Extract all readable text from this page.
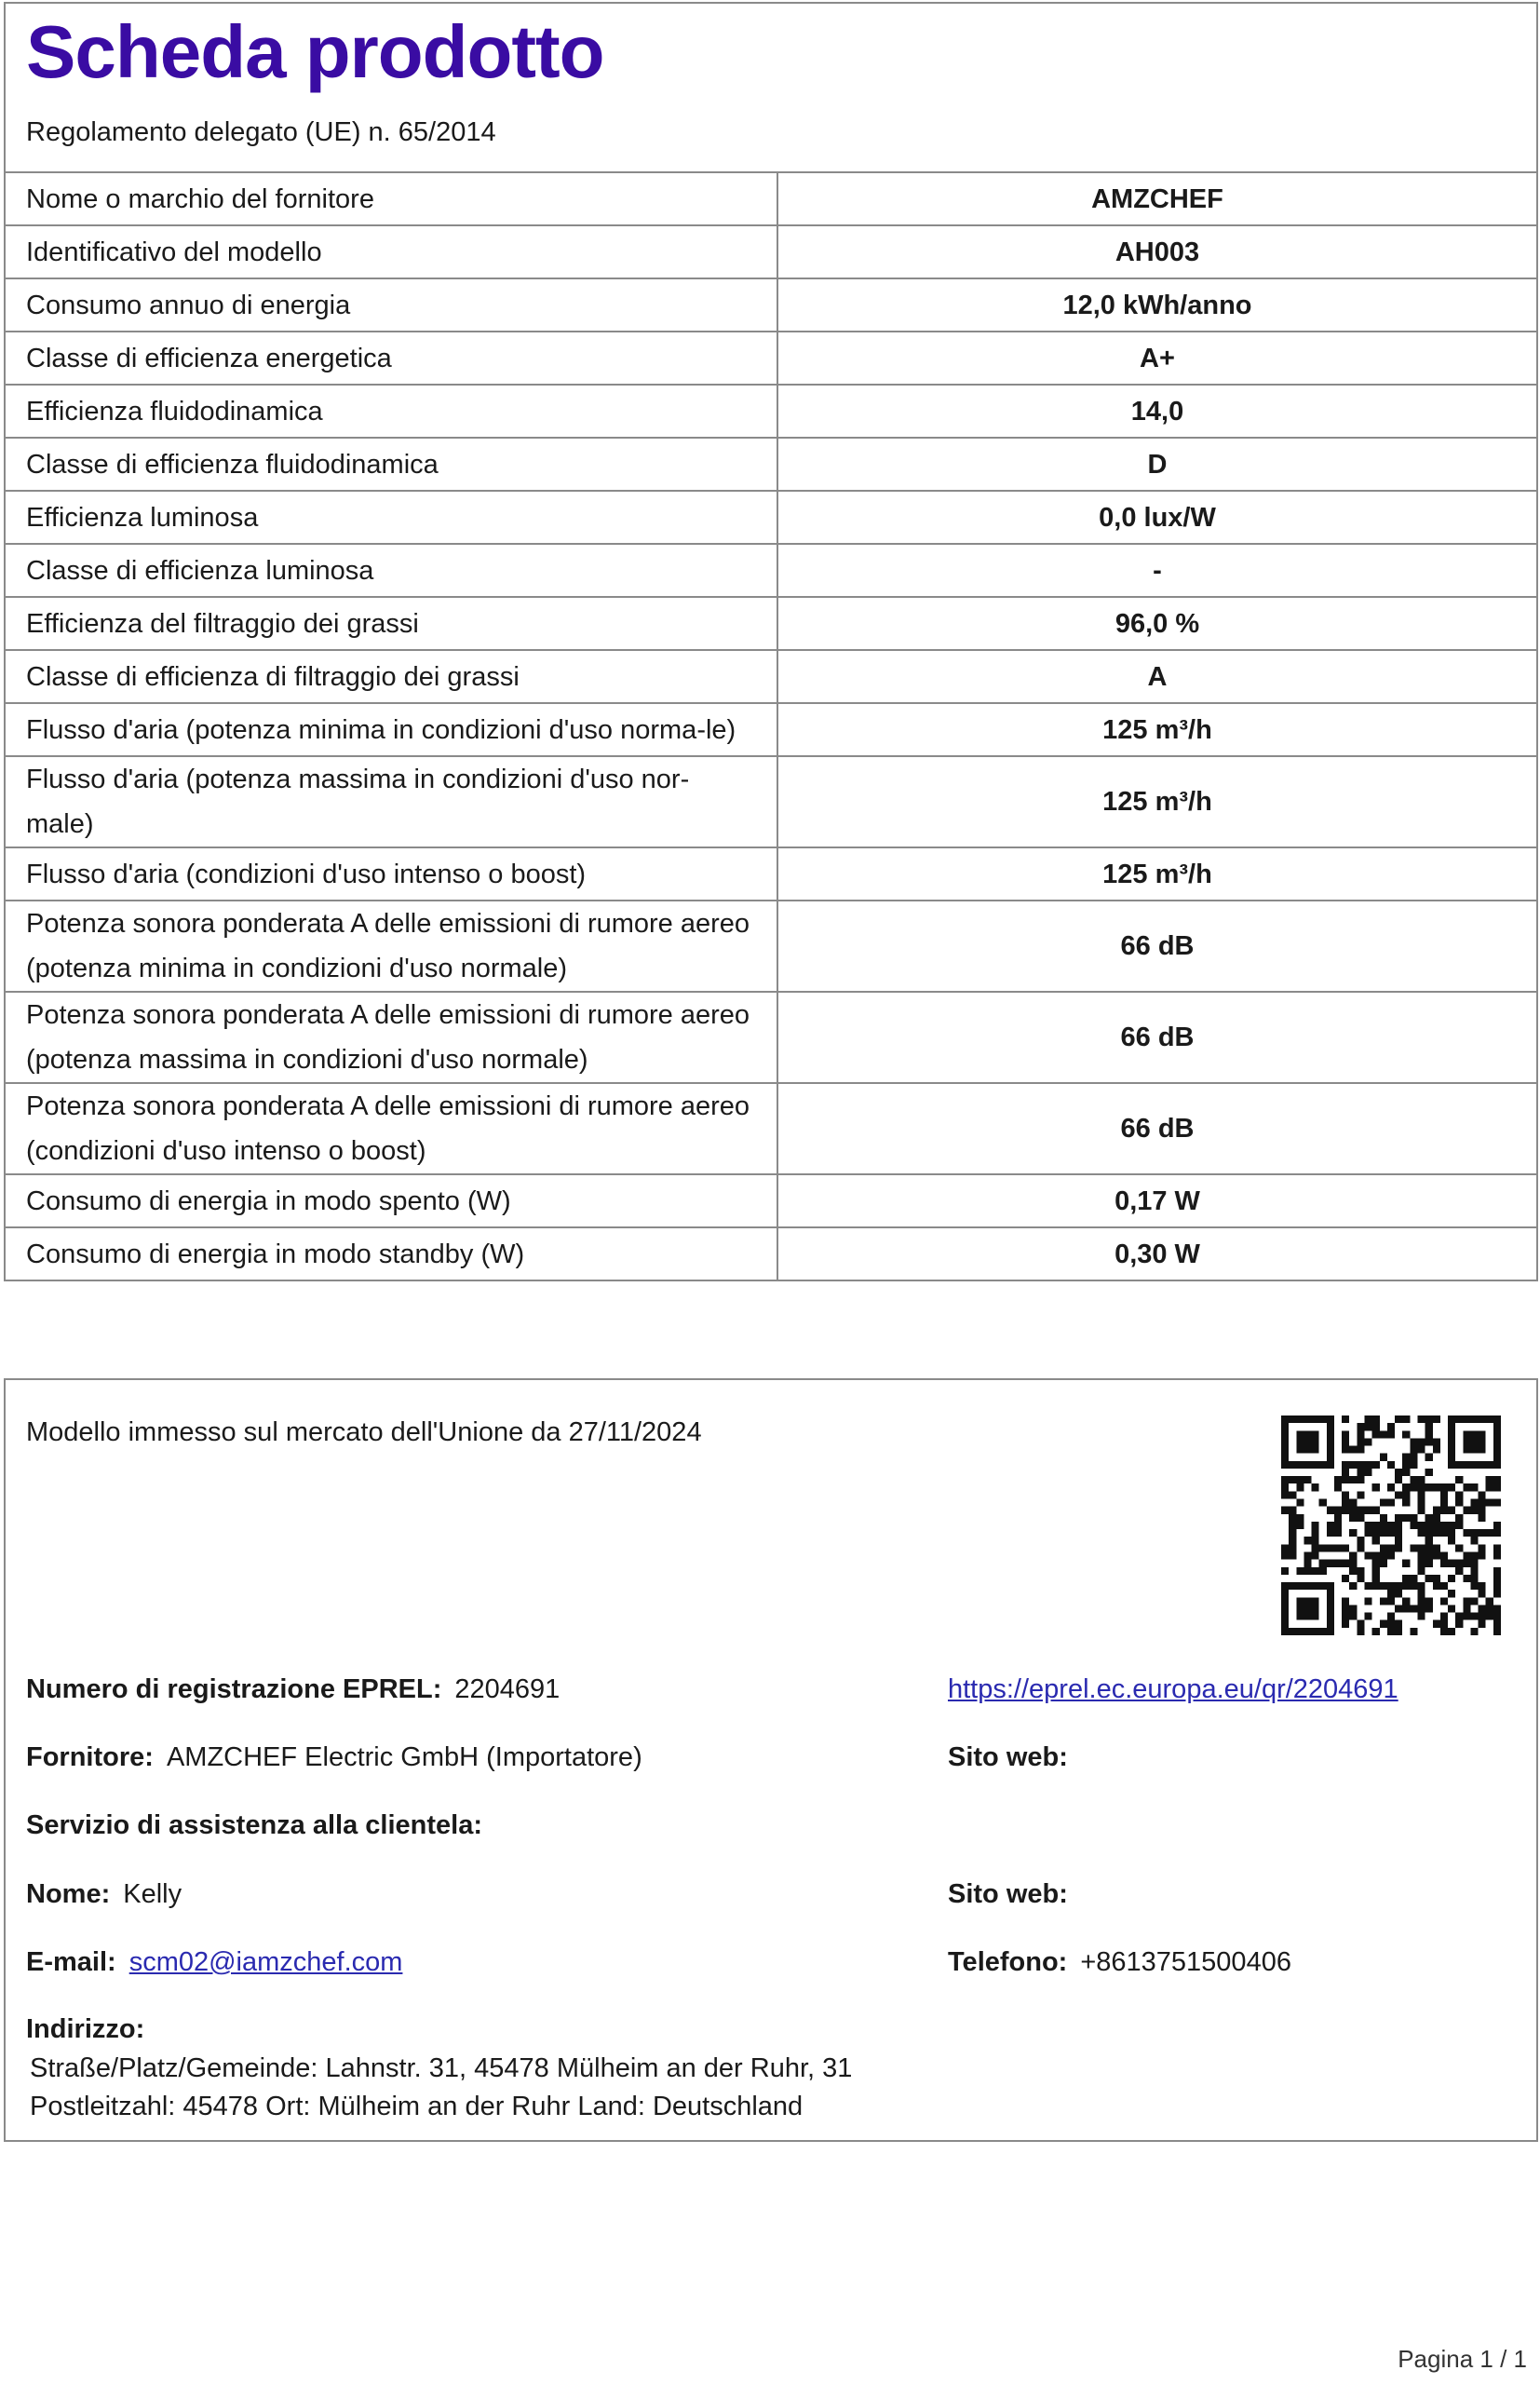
Scheda prodotto
Regolamento delegato (UE) n. 65/2014
Nome o marchio del fornitore	AMZCHEF
Identificativo del modello	AH003
Consumo annuo di energia	12,0 kWh/anno
Classe di efficienza energetica	A+
Efficienza fluidodinamica	14,0
Classe di efficienza fluidodinamica	D
Efficienza luminosa	0,0 lux/W
Classe di efficienza luminosa	-
Efficienza del filtraggio dei grassi	96,0 %
Classe di efficienza di filtraggio dei grassi	A
Flusso d'aria (potenza minima in condizioni d'uso norma-le)	125 m³/h
Flusso d'aria (potenza massima in condizioni d'uso nor-male)	125 m³/h
Flusso d'aria (condizioni d'uso intenso o boost)	125 m³/h
Potenza sonora ponderata A delle emissioni di rumore aereo (potenza minima in condizioni d'uso normale)	66 dB
Potenza sonora ponderata A delle emissioni di rumore aereo (potenza massima in condizioni d'uso normale)	66 dB
Potenza sonora ponderata A delle emissioni di rumore aereo (condizioni d'uso intenso o boost)	66 dB
Consumo di energia in modo spento (W)	0,17 W
Consumo di energia in modo standby (W)	0,30 W
Modello immesso sul mercato dell'Unione da 27/11/2024
Numero di registrazione EPREL: 2204691	https://eprel.ec.europa.eu/qr/2204691
Fornitore: AMZCHEF Electric GmbH (Importatore)	Sito web:
Servizio di assistenza alla clientela:
Nome: Kelly	Sito web:
E-mail: scm02@iamzchef.com	Telefono: +8613751500406
Indirizzo:
Straße/Platz/Gemeinde: Lahnstr. 31, 45478 Mülheim an der Ruhr, 31
Postleitzahl: 45478 Ort: Mülheim an der Ruhr Land: Deutschland
Pagina 1 / 1
